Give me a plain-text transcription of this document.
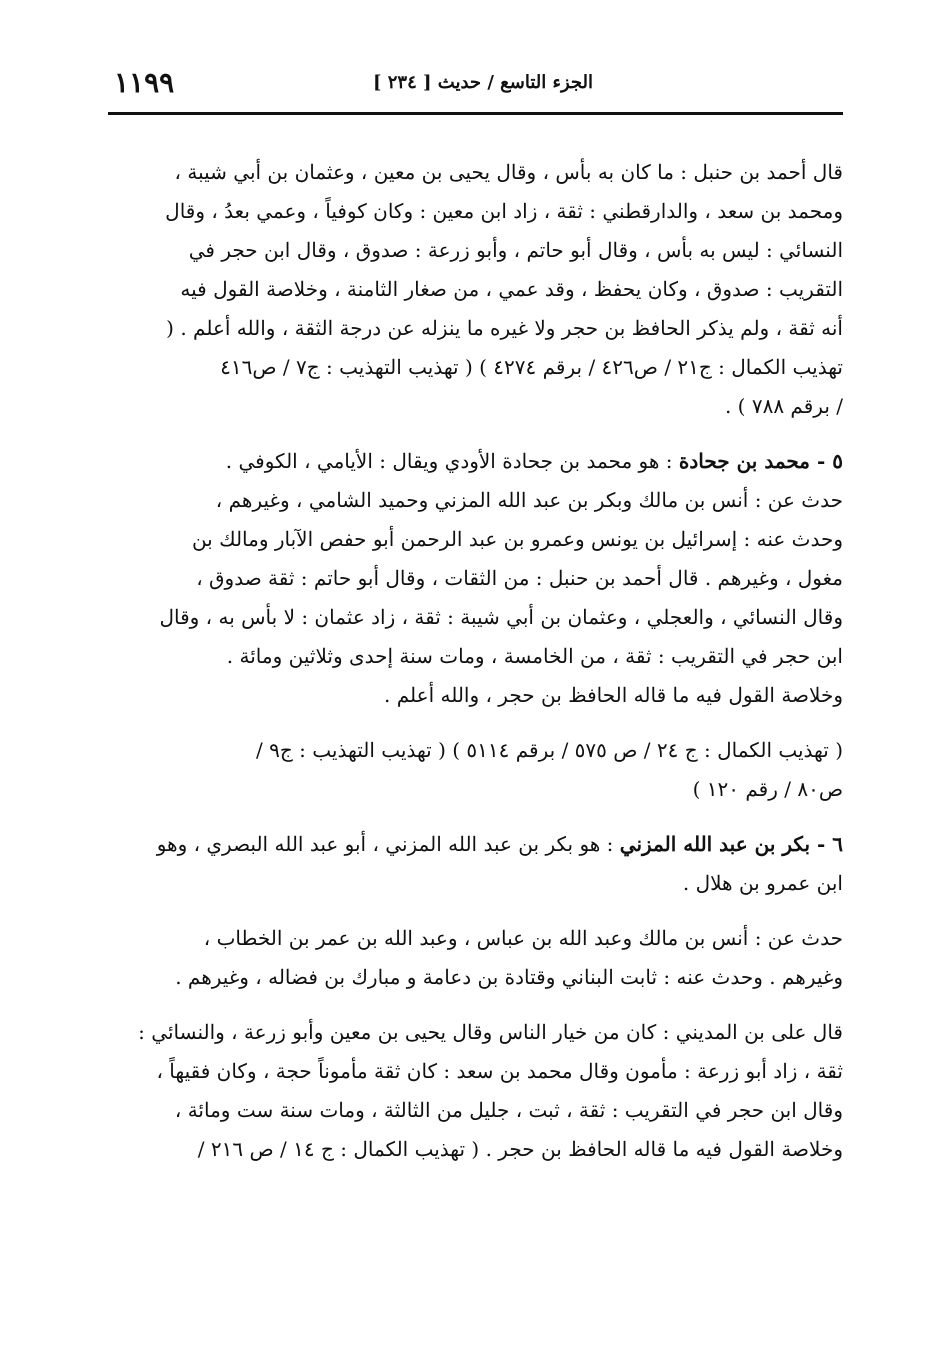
الجزء التاسع / حديث [ ٢٣٤ ]
١١٩٩

قال أحمد بن حنبل : ما كان به بأس ، وقال يحيى بن معين ، وعثمان بن أبي شيبة ،
ومحمد بن سعد ، والدارقطني : ثقة ، زاد ابن معين : وكان كوفياً ، وعمي بعدُ ، وقال
النسائي : ليس به بأس ، وقال أبو حاتم ، وأبو زرعة : صدوق ، وقال ابن حجر في
التقريب : صدوق ، وكان يحفظ ، وقد عمي ، من صغار الثامنة ، وخلاصة القول فيه
أنه ثقة ، ولم يذكر الحافظ بن حجر ولا غيره ما ينزله عن درجة الثقة ، والله أعلم . (
تهذيب الكمال : ج٢١ / ص٤٢٦ / برقم ٤٢٧٤ ) ( تهذيب التهذيب : ج٧ / ص٤١٦
/ برقم ٧٨٨ ) .

٥ - محمد بن جحادة : هو محمد بن جحادة الأودي ويقال : الأيامي ، الكوفي .
حدث عن : أنس بن مالك وبكر بن عبد الله المزني وحميد الشامي ، وغيرهم ،
وحدث عنه : إسرائيل بن يونس وعمرو بن عبد الرحمن أبو حفص الآبار ومالك بن
مغول ، وغيرهم . قال أحمد بن حنبل : من الثقات ، وقال أبو حاتم : ثقة صدوق ،
وقال النسائي ، والعجلي ، وعثمان بن أبي شيبة : ثقة ، زاد عثمان : لا بأس به ، وقال
ابن حجر في التقريب : ثقة ، من الخامسة ، ومات سنة إحدى وثلاثين ومائة .
وخلاصة القول فيه ما قاله الحافظ بن حجر ، والله أعلم .

( تهذيب الكمال : ج ٢٤ / ص ٥٧٥ / برقم ٥١١٤ ) ( تهذيب التهذيب : ج٩ /
ص٨٠ / رقم ١٢٠ )

٦ - بكر بن عبد الله المزني : هو بكر بن عبد الله المزني ، أبو عبد الله البصري ، وهو
ابن عمرو بن هلال .

حدث عن : أنس بن مالك وعبد الله بن عباس ، وعبد الله بن عمر بن الخطاب ،
وغيرهم . وحدث عنه : ثابت البناني وقتادة بن دعامة و مبارك بن فضاله ، وغيرهم .

قال على بن المديني : كان من خيار الناس وقال يحيى بن معين وأبو زرعة ، والنسائي :
ثقة ، زاد أبو زرعة : مأمون وقال محمد بن سعد : كان ثقة مأموناً حجة ، وكان فقيهاً ،
وقال ابن حجر في التقريب : ثقة ، ثبت ، جليل من الثالثة ، ومات سنة ست ومائة ،
وخلاصة القول فيه ما قاله الحافظ بن حجر . ( تهذيب الكمال : ج ١٤ / ص ٢١٦ /
